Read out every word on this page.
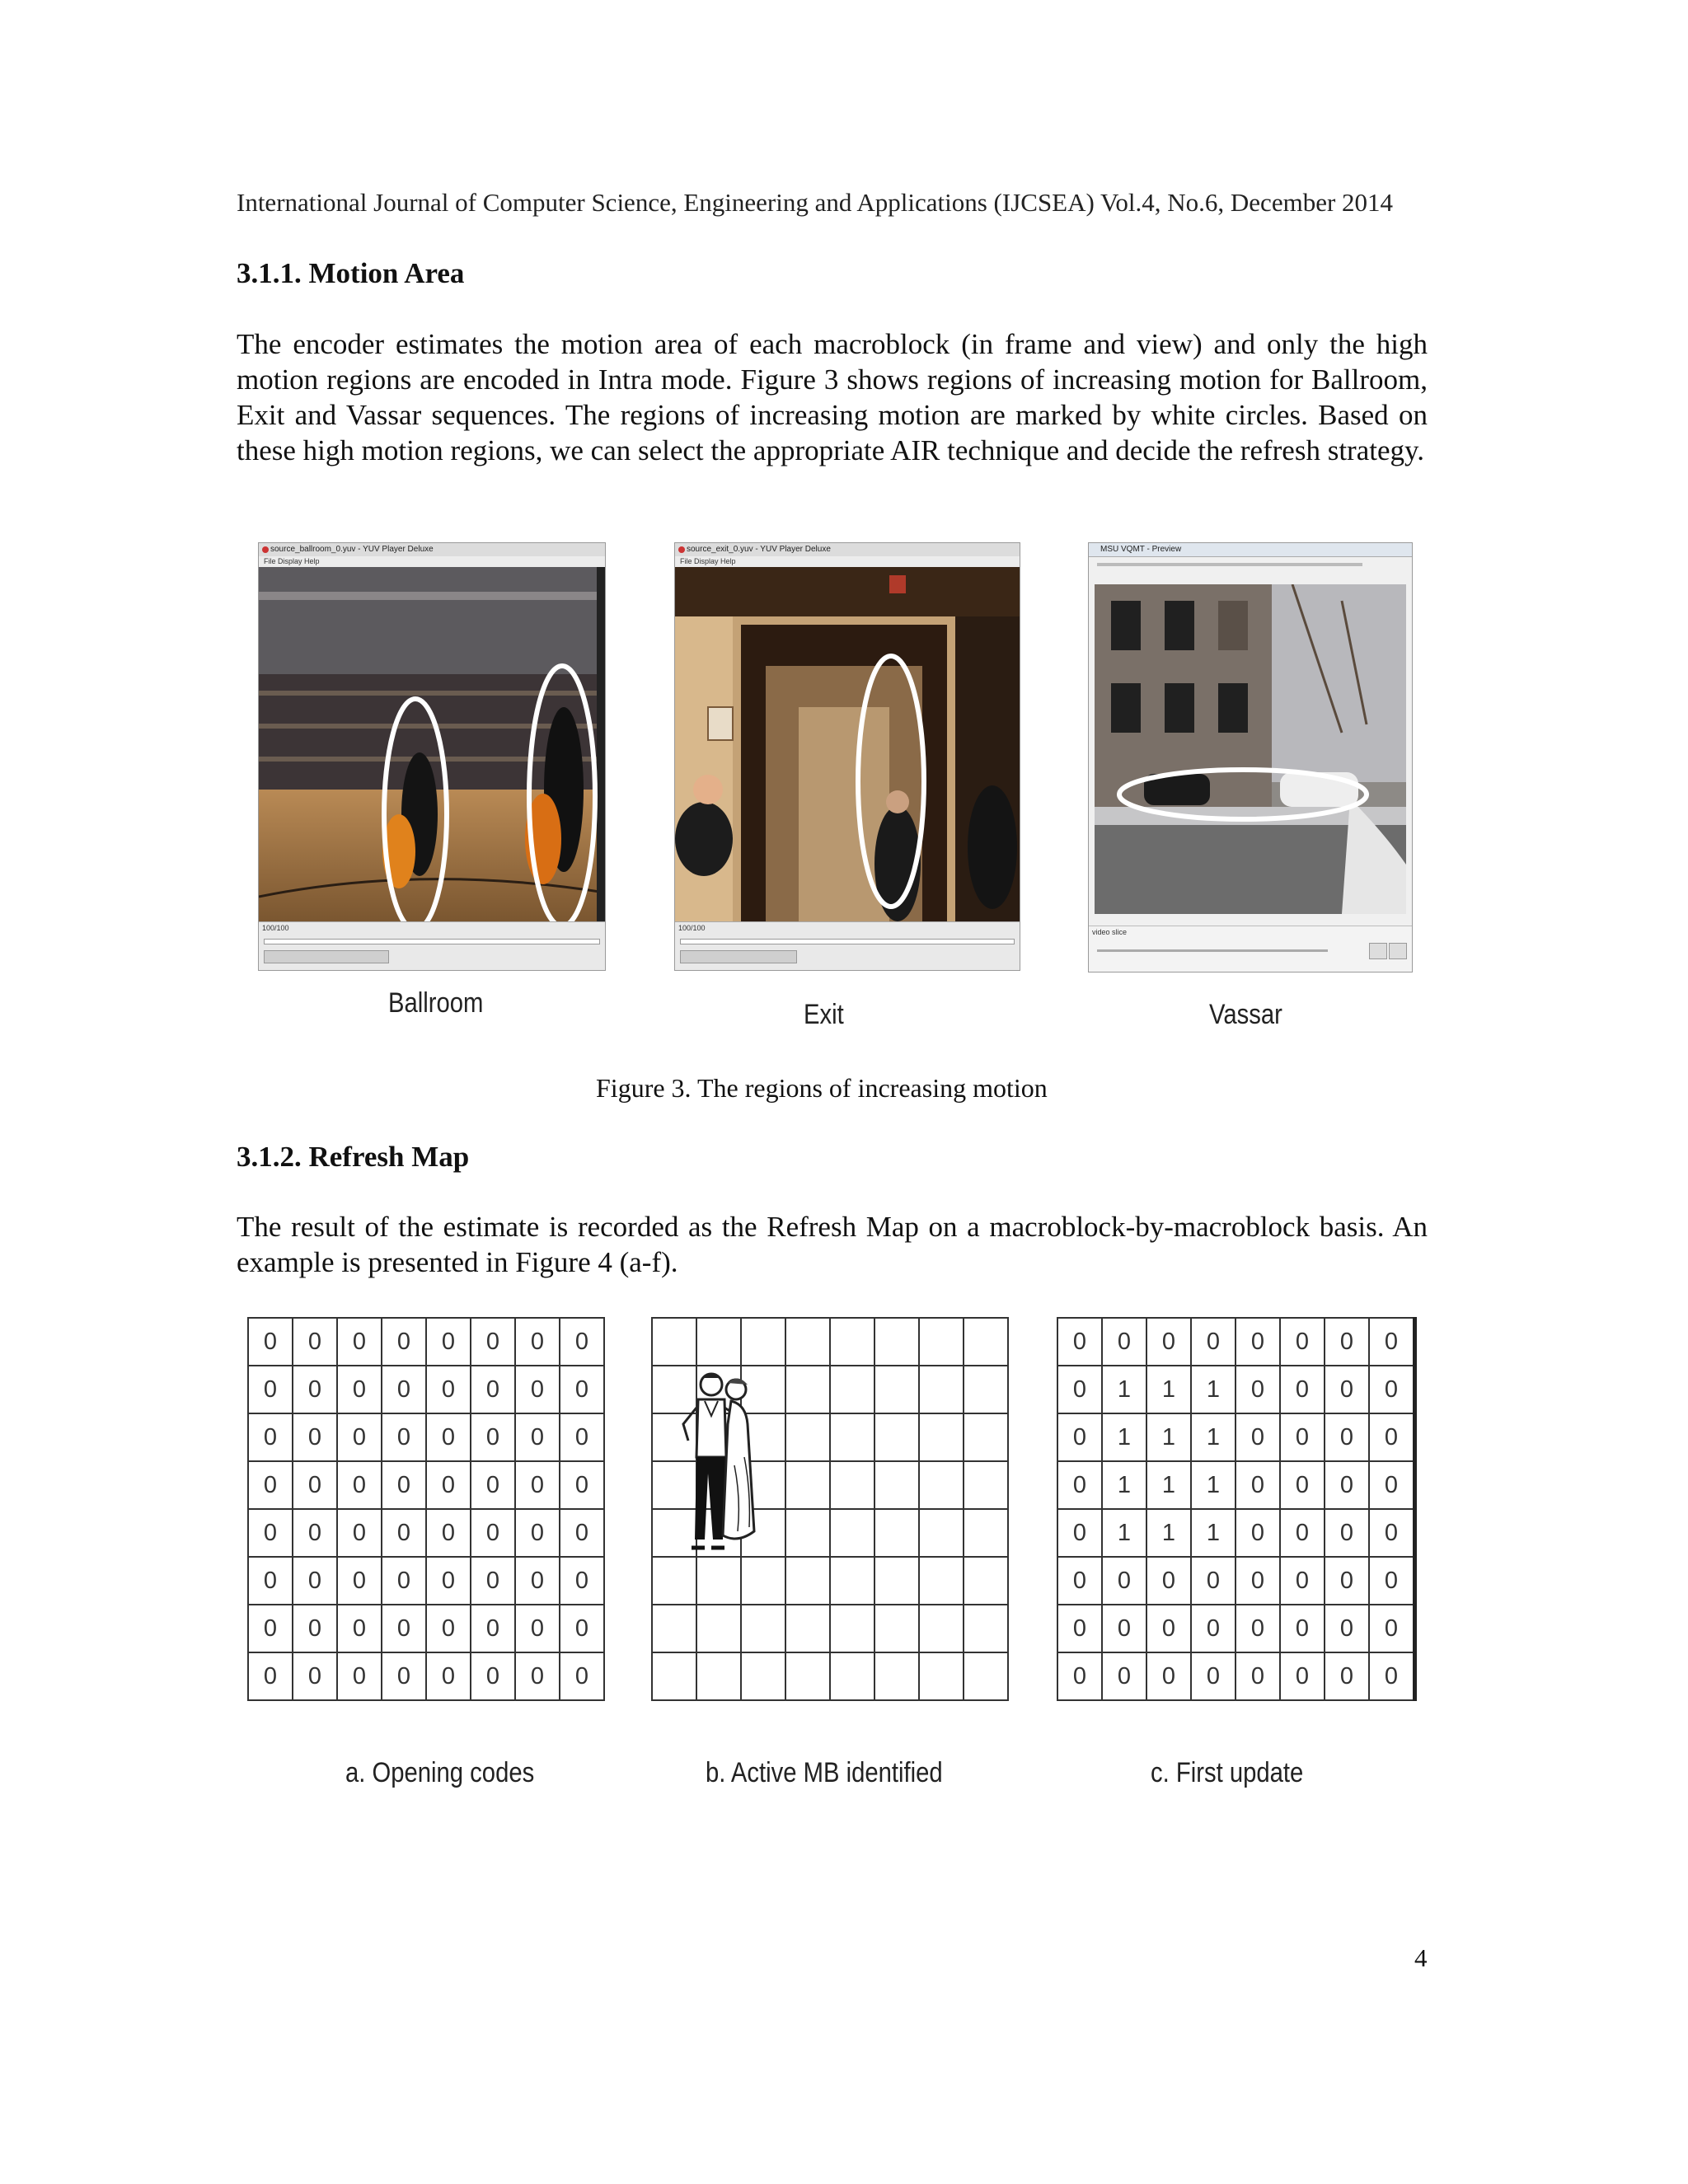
International Journal of Computer Science, Engineering and Applications (IJCSEA) Vol.4, No.6, December 2014
3.1.1. Motion Area
The encoder estimates the motion area of each macroblock (in frame and view) and only the high motion regions are encoded in Intra mode. Figure 3 shows regions of increasing motion for Ballroom, Exit and Vassar sequences. The regions of increasing motion are marked by white circles. Based on these high motion regions, we can select the appropriate AIR technique and decide the refresh strategy.
source_ballroom_0.yuv - YUV Player Deluxe
File Display Help
100/100
source_exit_0.yuv - YUV Player Deluxe
File Display Help
100/100
MSU VQMT - Preview
video slice
Ballroom	Exit	Vassar
Figure 3. The regions of increasing motion
3.1.2. Refresh Map
The result of the estimate is recorded as the Refresh Map on a macroblock-by-macroblock basis. An example is presented in Figure 4 (a-f).
0	0	0	0	0	0	0	0
0	0	0	0	0	0	0	0
0	0	0	0	0	0	0	0
0	0	0	0	0	0	0	0
0	0	0	0	0	0	0	0
0	0	0	0	0	0	0	0
0	0	0	0	0	0	0	0
0	0	0	0	0	0	0	0

0	0	0	0	0	0	0	0
0	1	1	1	0	0	0	0
0	1	1	1	0	0	0	0
0	1	1	1	0	0	0	0
0	1	1	1	0	0	0	0
0	0	0	0	0	0	0	0
0	0	0	0	0	0	0	0
0	0	0	0	0	0	0	0
a. Opening codes	b. Active MB identified	c. First update
4
